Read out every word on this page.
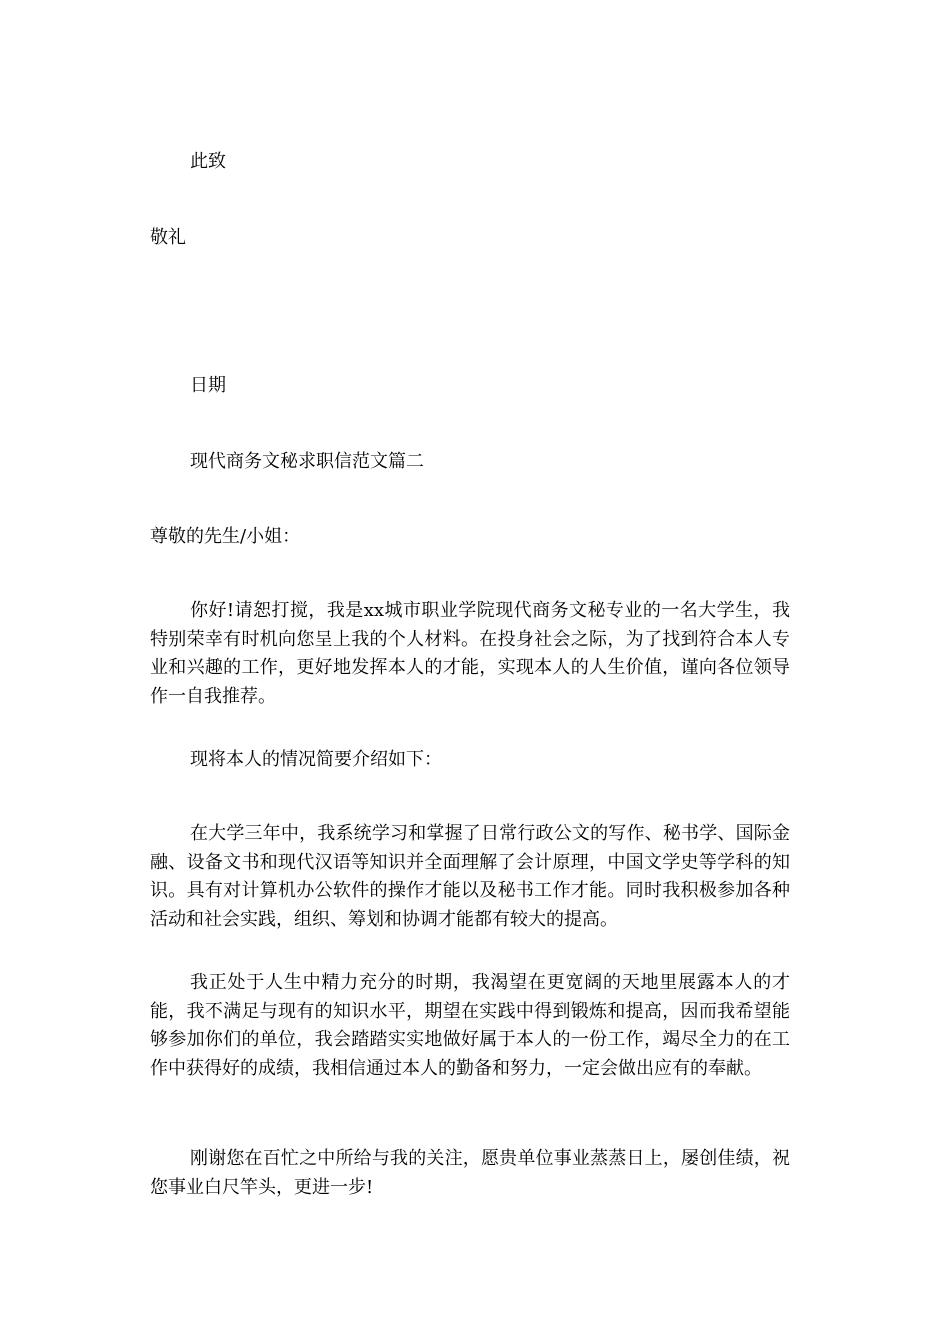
此致

敬礼

日期

现代商务文秘求职信范文篇二

尊敬的先生/小姐：

你好!请恕打搅，我是xx城市职业学院现代商务文秘专业的一名大学生，我特别荣幸有时机向您呈上我的个人材料。在投身社会之际，为了找到符合本人专业和兴趣的工作，更好地发挥本人的才能，实现本人的人生价值，谨向各位领导作一自我推荐。

现将本人的情况简要介绍如下：

在大学三年中，我系统学习和掌握了日常行政公文的写作、秘书学、国际金融、设备文书和现代汉语等知识并全面理解了会计原理，中国文学史等学科的知识。具有对计算机办公软件的操作才能以及秘书工作才能。同时我积极参加各种活动和社会实践，组织、筹划和协调才能都有较大的提高。

我正处于人生中精力充分的时期，我渴望在更宽阔的天地里展露本人的才能，我不满足与现有的知识水平，期望在实践中得到锻炼和提高，因而我希望能够参加你们的单位，我会踏踏实实地做好属于本人的一份工作，竭尽全力的在工作中获得好的成绩，我相信通过本人的勤备和努力，一定会做出应有的奉献。

刚谢您在百忙之中所给与我的关注，愿贵单位事业蒸蒸日上，屡创佳绩，祝您事业白尺竿头，更进一步!
